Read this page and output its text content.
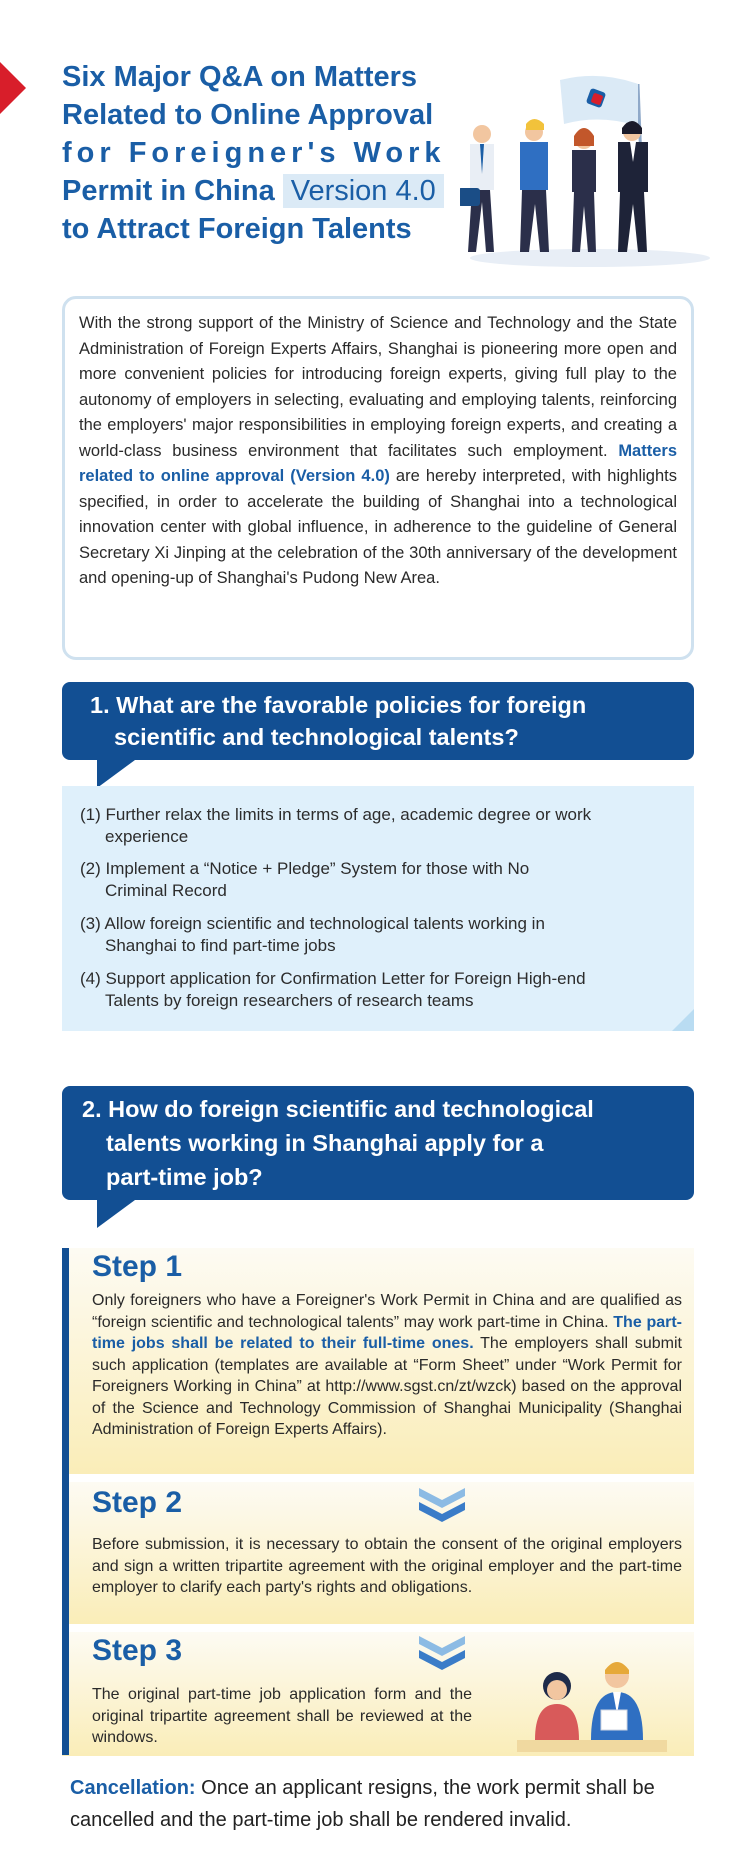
Six Major Q&A on Matters
Related to Online Approval
for Foreigner's Work
Permit in China Version 4.0
to Attract Foreign Talents

With the strong support of the Ministry of Science and Technology and the State Administration of Foreign Experts Affairs, Shanghai is pioneering more open and more convenient policies for introducing foreign experts, giving full play to the autonomy of employers in selecting, evaluating and employing talents, reinforcing the employers' major responsibilities in employing foreign experts, and creating a world-class business environment that facilitates such employment. Matters related to online approval (Version 4.0) are hereby interpreted, with highlights specified, in order to accelerate the building of Shanghai into a technological innovation center with global influence, in adherence to the guideline of General Secretary Xi Jinping at the celebration of the 30th anniversary of the development and opening-up of Shanghai's Pudong New Area.

1. What are the favorable policies for foreign
scientific and technological talents?
(1) Further relax the limits in terms of age, academic degree or work
experience
(2) Implement a “Notice + Pledge” System for those with No
Criminal Record
(3) Allow foreign scientific and technological talents working in
Shanghai to find part-time jobs
(4) Support application for Confirmation Letter for Foreign High-end
Talents by foreign researchers of research teams
2. How do foreign scientific and technological
talents working in Shanghai apply for a
part-time job?
Step 1
Only foreigners who have a Foreigner's Work Permit in China and are qualified as “foreign scientific and technological talents” may work part-time in China. The part-time jobs shall be related to their full-time ones. The employers shall submit such application (templates are available at “Form Sheet” under “Work Permit for Foreigners Working in China” at http://www.sgst.cn/zt/wzck) based on the approval of the Science and Technology Commission of Shanghai Municipality (Shanghai Administration of Foreign Experts Affairs).
Step 2
Before submission, it is necessary to obtain the consent of the original employers and sign a written tripartite agreement with the original employer and the part-time employer to clarify each party's rights and obligations.
Step 3
The original part-time job application form and the original tripartite agreement shall be reviewed at the windows.

Cancellation: Once an applicant resigns, the work permit shall be cancelled and the part-time job shall be rendered invalid.
